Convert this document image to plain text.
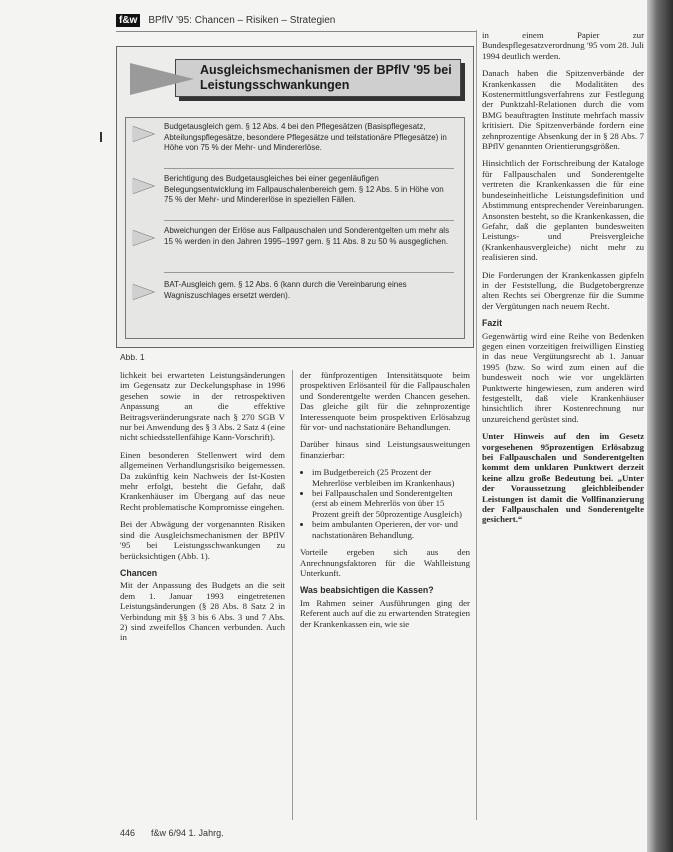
f&w	BPflV '95: Chancen – Risiken – Strategien
Ausgleichsmechanismen der BPflV '95 bei Leistungsschwankungen
Budgetausgleich gem. § 12 Abs. 4 bei den Pflegesätzen (Basispflegesatz, Abteilungspflegesätze, besondere Pflegesätze und teilstationäre Pflegesätze) in Höhe von 75 % der Mehr- und Mindererlöse.
Berichtigung des Budgetausgleiches bei einer gegenläufigen Belegungsentwicklung im Fallpauschalenbereich gem. § 12 Abs. 5 in Höhe von 75 % der Mehr- und Mindererlöse in speziellen Fällen.
Abweichungen der Erlöse aus Fallpauschalen und Sonderentgelten um mehr als 15 % werden in den Jahren 1995–1997 gem. § 11 Abs. 8 zu 50 % ausgeglichen.
BAT-Ausgleich gem. § 12 Abs. 6 (kann durch die Vereinbarung eines Wagniszuschlages ersetzt werden).
Abb. 1

lichkeit bei erwarteten Leistungsänderungen im Gegensatz zur Deckelungsphase in 1996 gesehen sowie in der retrospektiven Anpassung an die effektive Beitragsveränderungsrate nach § 270 SGB V nur bei Anwendung des § 3 Abs. 2 Satz 4 (eine nicht schiedsstellenfähige Kann-Vorschrift).

Einen besonderen Stellenwert wird dem allgemeinen Verhandlungsrisiko beigemessen. Da zukünftig kein Nachweis der Ist-Kosten mehr erfolgt, besteht die Gefahr, daß Krankenhäuser im Übergang auf das neue Recht problematische Kompromisse eingehen.

Bei der Abwägung der vorgenannten Risiken sind die Ausgleichsmechanismen der BPflV '95 bei Leistungsschwankungen zu berücksichtigen (Abb. 1).

Chancen

Mit der Anpassung des Budgets an die seit dem 1. Januar 1993 eingetretenen Leistungsänderungen (§ 28 Abs. 8 Satz 2 in Verbindung mit §§ 3 bis 6 Abs. 3 und 7 Abs. 2) sind zweifellos Chancen verbunden. Auch in

der fünfprozentigen Intensitätsquote beim prospektiven Erlösanteil für die Fallpauschalen und Sonderentgelte werden Chancen gesehen. Das gleiche gilt für die zehnprozentige Interessenquote beim prospektiven Erlösabzug für vor- und nachstationäre Behandlungen.

Darüber hinaus sind Leistungsausweitungen finanzierbar:

• im Budgetbereich (25 Prozent der Mehrerlöse verbleiben im Krankenhaus)
• bei Fallpauschalen und Sonderentgelten (erst ab einem Mehrerlös von über 15 Prozent greift der 50prozentige Ausgleich)
• beim ambulanten Operieren, der vor- und nachstationären Behandlung.

Vorteile ergeben sich aus den Anrechnungsfaktoren für die Wahlleistung Unterkunft.

Was beabsichtigen die Kassen?

Im Rahmen seiner Ausführungen ging der Referent auch auf die zu erwartenden Strategien der Krankenkassen ein, wie sie

in einem Papier zur Bundespflegesatzverordnung '95 vom 28. Juli 1994 deutlich werden.

Danach haben die Spitzenverbände der Krankenkassen die Modalitäten des Kostenermittlungsverfahrens zur Festlegung der Punktzahl-Relationen durch die vom BMG beauftragten Institute mehrfach massiv kritisiert. Die Spitzenverbände fordern eine zehnprozentige Absenkung der in § 28 Abs. 7 BPflV genannten Orientierungsgrößen.

Hinsichtlich der Fortschreibung der Kataloge für Fallpauschalen und Sonderentgelte vertreten die Krankenkassen die für eine bundeseinheitliche Leistungsdefinition und Abstimmung entsprechender Vereinbarungen. Ansonsten besteht, so die Krankenkassen, die Gefahr, daß die geplanten bundesweiten Leistungs- und Preisvergleiche (Krankenhausvergleiche) nicht mehr zu realisieren sind.

Die Forderungen der Krankenkassen gipfeln in der Feststellung, die Budgetobergrenze alten Rechts sei Obergrenze für die Summe der Vergütungen nach neuem Recht.

Fazit

Gegenwärtig wird eine Reihe von Bedenken gegen einen vorzeitigen freiwilligen Einstieg in das neue Vergütungsrecht ab 1. Januar 1995 (bzw. So wird zum einen auf die bundesweit noch wie vor ungeklärten Punktwerte hingewiesen, zum anderen wird festgestellt, daß viele Krankenhäuser hinsichtlich ihrer Kostenrechnung nur unzureichend gerüstet sind.

Unter Hinweis auf den im Gesetz vorgesehenen 95prozentigen Erlösabzug bei Fallpauschalen und Sonderentgelten kommt dem unklaren Punktwert derzeit keine allzu große Bedeutung bei. „Unter der Voraussetzung gleichbleibender Leistungen ist damit die Vollfinanzierung der Fallpauschalen und Sonderentgelte gesichert.“

446 f&w 6/94 1. Jahrg.
